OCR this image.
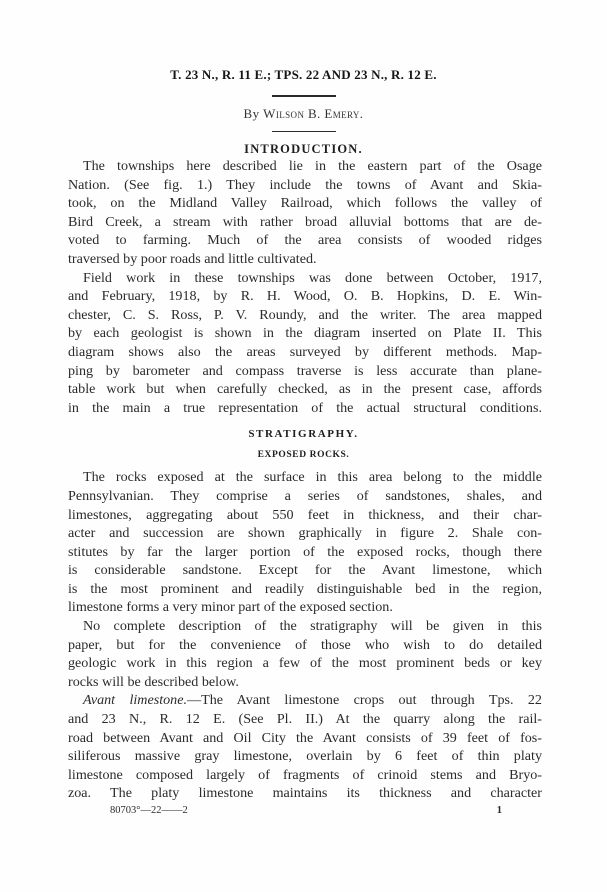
T. 23 N., R. 11 E.; TPS. 22 AND 23 N., R. 12 E.
By Wilson B. Emery.
INTRODUCTION.
The townships here described lie in the eastern part of the Osage
Nation. (See fig. 1.) They include the towns of Avant and Skia-
took, on the Midland Valley Railroad, which follows the valley of
Bird Creek, a stream with rather broad alluvial bottoms that are de-
voted to farming. Much of the area consists of wooded ridges
traversed by poor roads and little cultivated.
Field work in these townships was done between October, 1917,
and February, 1918, by R. H. Wood, O. B. Hopkins, D. E. Win-
chester, C. S. Ross, P. V. Roundy, and the writer. The area mapped
by each geologist is shown in the diagram inserted on Plate II. This
diagram shows also the areas surveyed by different methods. Map-
ping by barometer and compass traverse is less accurate than plane-
table work but when carefully checked, as in the present case, affords
in the main a true representation of the actual structural conditions.
STRATIGRAPHY.
EXPOSED ROCKS.
The rocks exposed at the surface in this area belong to the middle
Pennsylvanian. They comprise a series of sandstones, shales, and
limestones, aggregating about 550 feet in thickness, and their char-
acter and succession are shown graphically in figure 2. Shale con-
stitutes by far the larger portion of the exposed rocks, though there
is considerable sandstone. Except for the Avant limestone, which
is the most prominent and readily distinguishable bed in the region,
limestone forms a very minor part of the exposed section.
No complete description of the stratigraphy will be given in this
paper, but for the convenience of those who wish to do detailed
geologic work in this region a few of the most prominent beds or key
rocks will be described below.
Avant limestone.—The Avant limestone crops out through Tps. 22
and 23 N., R. 12 E. (See Pl. II.) At the quarry along the rail-
road between Avant and Oil City the Avant consists of 39 feet of fos-
siliferous massive gray limestone, overlain by 6 feet of thin platy
limestone composed largely of fragments of crinoid stems and Bryo-
zoa. The platy limestone maintains its thickness and character
80703°—22——2	1
